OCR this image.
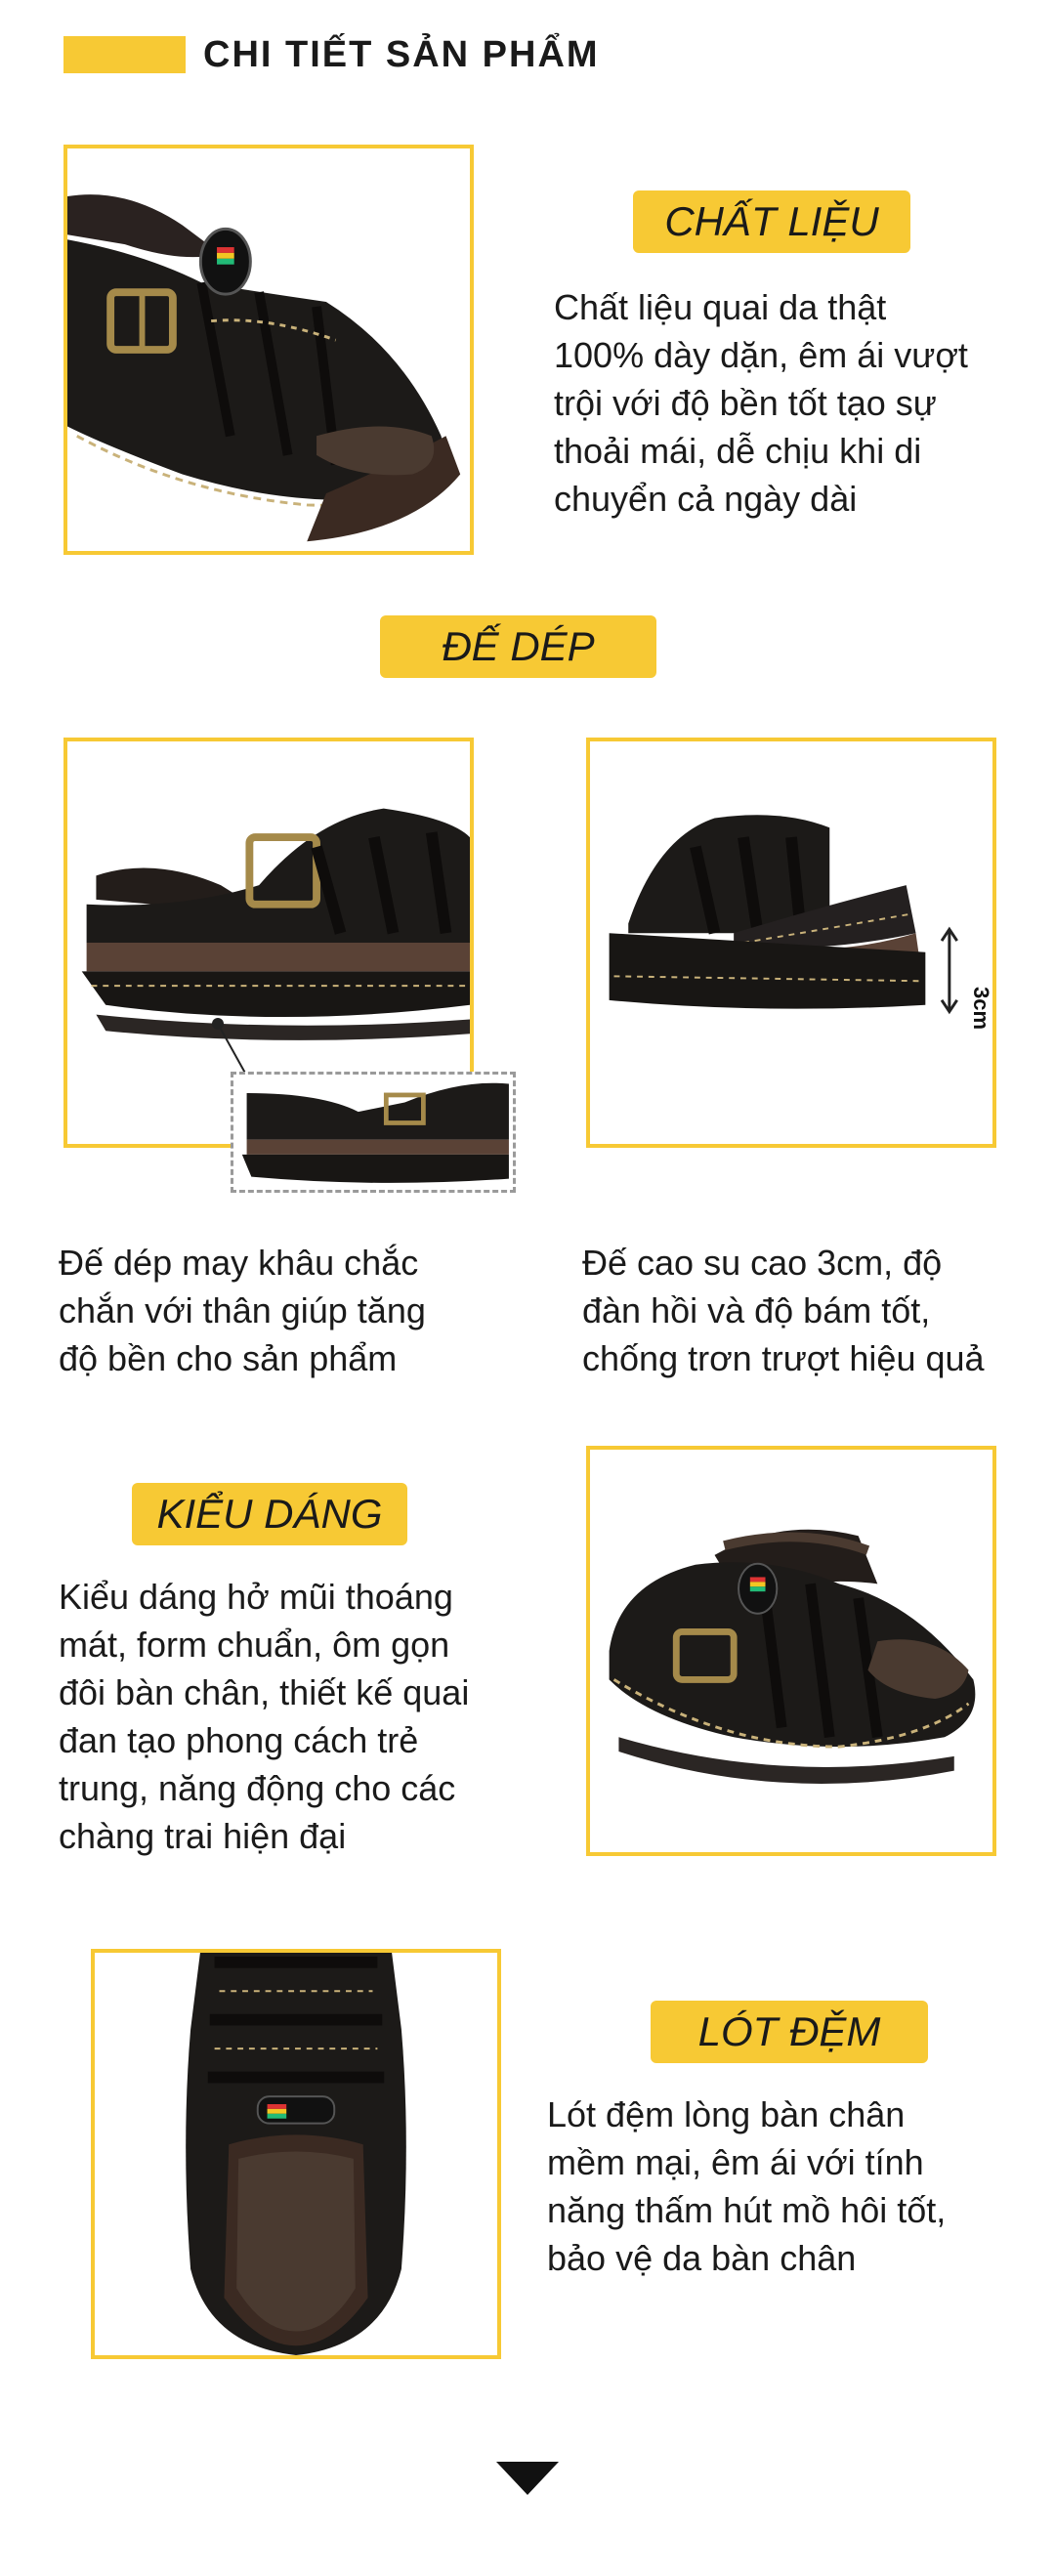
CHI TIẾT SẢN PHẨM
CHẤT LIỆU
Chất liệu quai da thật
100% dày dặn, êm ái vượt
trội với độ bền tốt tạo sự
thoải mái, dễ chịu khi di
chuyển cả ngày dài
ĐẾ DÉP
3cm
Đế dép may khâu chắc
chắn với thân giúp tăng
độ bền cho sản phẩm
Đế cao su cao 3cm, độ
đàn hồi và độ bám tốt,
chống trơn trượt hiệu quả
KIỂU DÁNG
Kiểu dáng hở mũi thoáng
mát, form chuẩn, ôm gọn
đôi bàn chân, thiết kế quai
đan tạo phong cách trẻ
trung, năng động cho các
chàng trai hiện đại
LÓT ĐỆM
Lót đệm lòng bàn chân
mềm mại, êm ái với tính
năng thấm hút mồ hôi tốt,
bảo vệ da bàn chân
